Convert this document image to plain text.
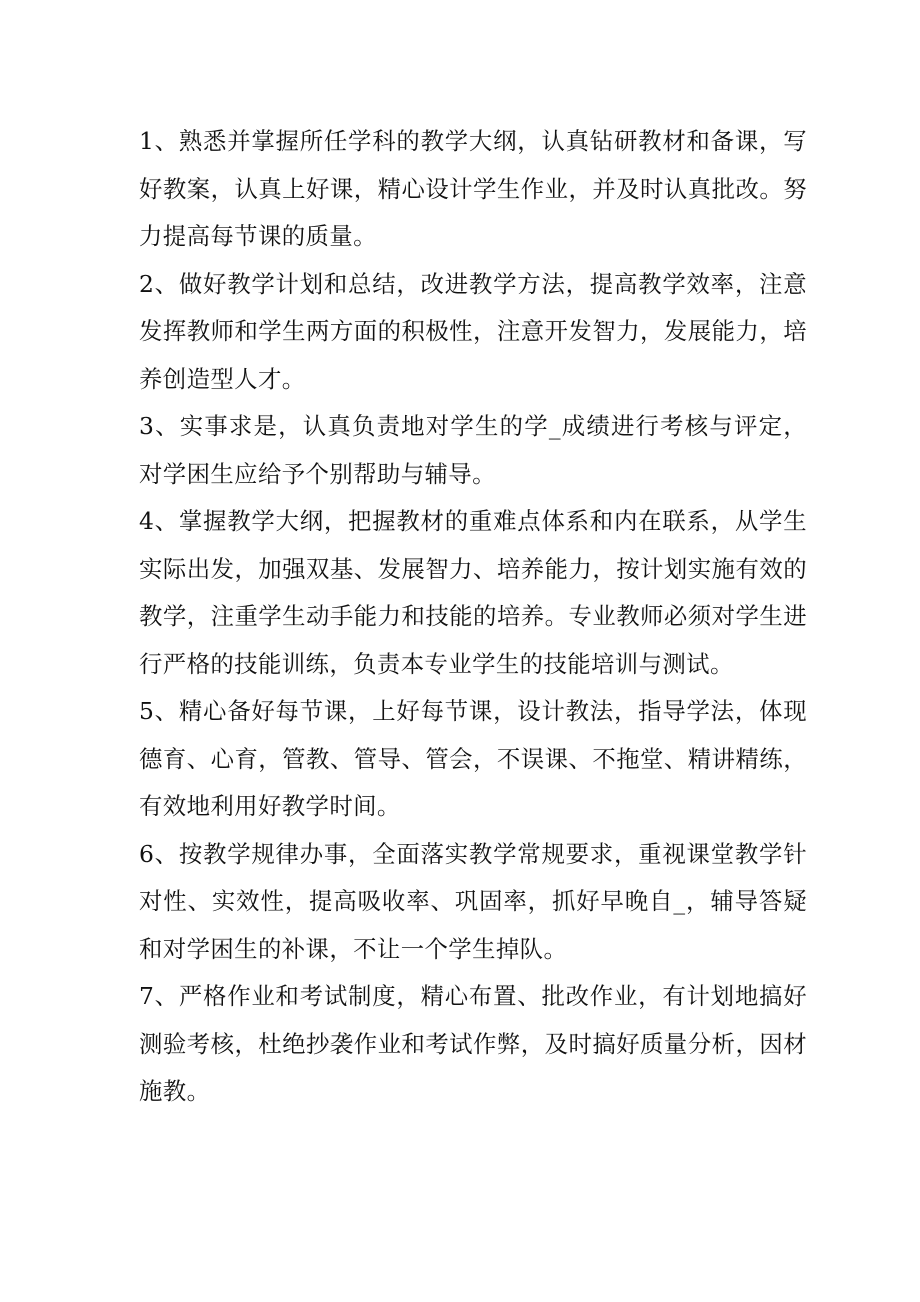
1、熟悉并掌握所任学科的教学大纲，认真钻研教材和备课，写好教案，认真上好课，精心设计学生作业，并及时认真批改。努力提高每节课的质量。

2、做好教学计划和总结，改进教学方法，提高教学效率，注意发挥教师和学生两方面的积极性，注意开发智力，发展能力，培养创造型人才。

3、实事求是，认真负责地对学生的学_成绩进行考核与评定，对学困生应给予个别帮助与辅导。

4、掌握教学大纲，把握教材的重难点体系和内在联系，从学生实际出发，加强双基、发展智力、培养能力，按计划实施有效的教学，注重学生动手能力和技能的培养。专业教师必须对学生进行严格的技能训练，负责本专业学生的技能培训与测试。

5、精心备好每节课，上好每节课，设计教法，指导学法，体现德育、心育，管教、管导、管会，不误课、不拖堂、精讲精练，有效地利用好教学时间。

6、按教学规律办事，全面落实教学常规要求，重视课堂教学针对性、实效性，提高吸收率、巩固率，抓好早晚自_，辅导答疑和对学困生的补课，不让一个学生掉队。

7、严格作业和考试制度，精心布置、批改作业，有计划地搞好测验考核，杜绝抄袭作业和考试作弊，及时搞好质量分析，因材施教。
